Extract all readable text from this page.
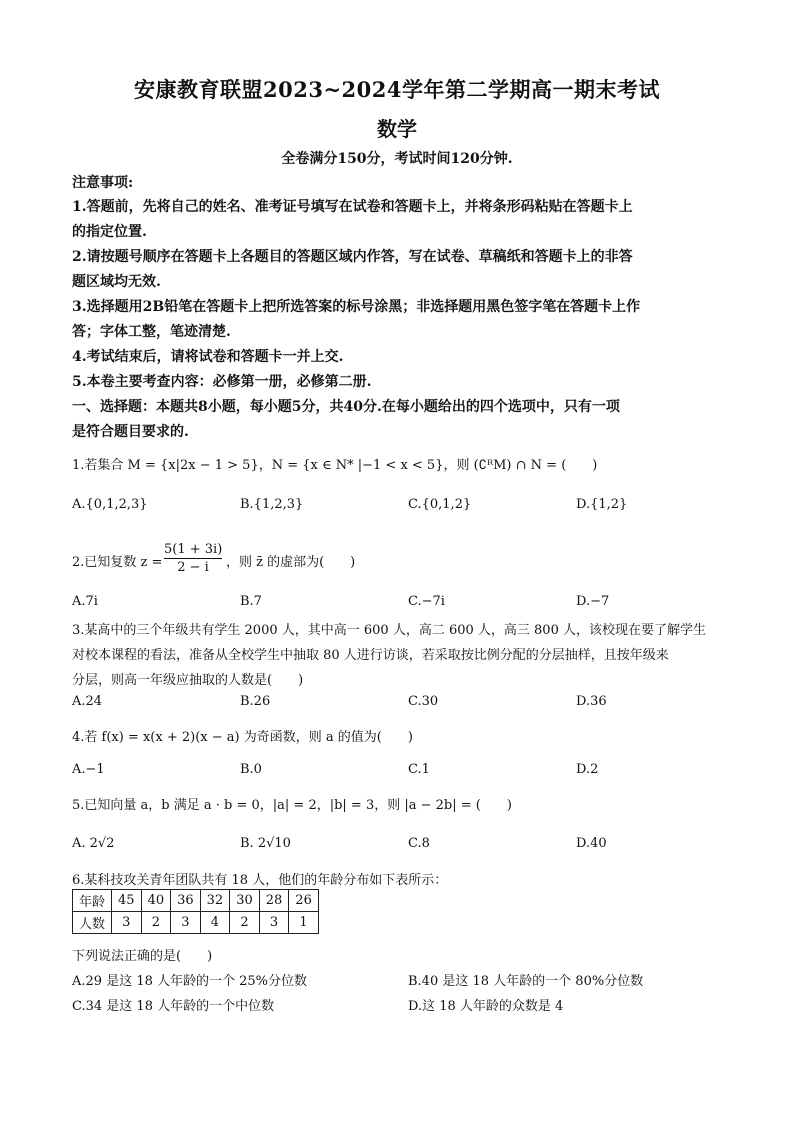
安康教育联盟2023~2024学年第二学期高一期末考试
数学
全卷满分150分，考试时间120分钟.
注意事项:
1.答题前，先将自己的姓名、准考证号填写在试卷和答题卡上，并将条形码粘贴在答题卡上
的指定位置.
2.请按题号顺序在答题卡上各题目的答题区域内作答，写在试卷、草稿纸和答题卡上的非答
题区域均无效.
3.选择题用2B铅笔在答题卡上把所选答案的标号涂黑；非选择题用黑色签字笔在答题卡上作
答；字体工整，笔迹清楚.
4.考试结束后，请将试卷和答题卡一并上交.
5.本卷主要考查内容：必修第一册，必修第二册.
一、选择题：本题共8小题，每小题5分，共40分.在每小题给出的四个选项中，只有一项
是符合题目要求的.
1.若集合 M = {x|2x − 1 > 5}，N = {x ∈ N* |−1 < x < 5}，则 (∁ᴿM) ∩ N = (　　)
A.{0,1,2,3}	B.{1,2,3}	C.{0,1,2}	D.{1,2}
2.已知复数 $z = \frac{5(1 + 3i)}{2 - i}$ ，则 z̄ 的虚部为(　　)
A.7i	B.7	C.−7i	D.−7
3.某高中的三个年级共有学生 2000 人，其中高一 600 人，高二 600 人，高三 800 人，该校现在要了解学生
对校本课程的看法，准备从全校学生中抽取 80 人进行访谈，若采取按比例分配的分层抽样，且按年级来
分层，则高一年级应抽取的人数是(　　)
A.24	B.26	C.30	D.36
4.若 f(x) = x(x + 2)(x − a) 为奇函数，则 a 的值为(　　)
A.−1	B.0	C.1	D.2
5.已知向量 a，b 满足 a · b = 0，|a| = 2，|b| = 3，则 |a − 2b| = (　　)
A. 2√2	B. 2√10	C.8	D.40
6.某科技攻关青年团队共有 18 人，他们的年龄分布如下表所示：
年龄	45	40	36	32	30	28	26
人数	3	2	3	4	2	3	1
下列说法正确的是(　　)
A.29 是这 18 人年龄的一个 25%分位数	B.40 是这 18 人年龄的一个 80%分位数
C.34 是这 18 人年龄的一个中位数	D.这 18 人年龄的众数是 4
